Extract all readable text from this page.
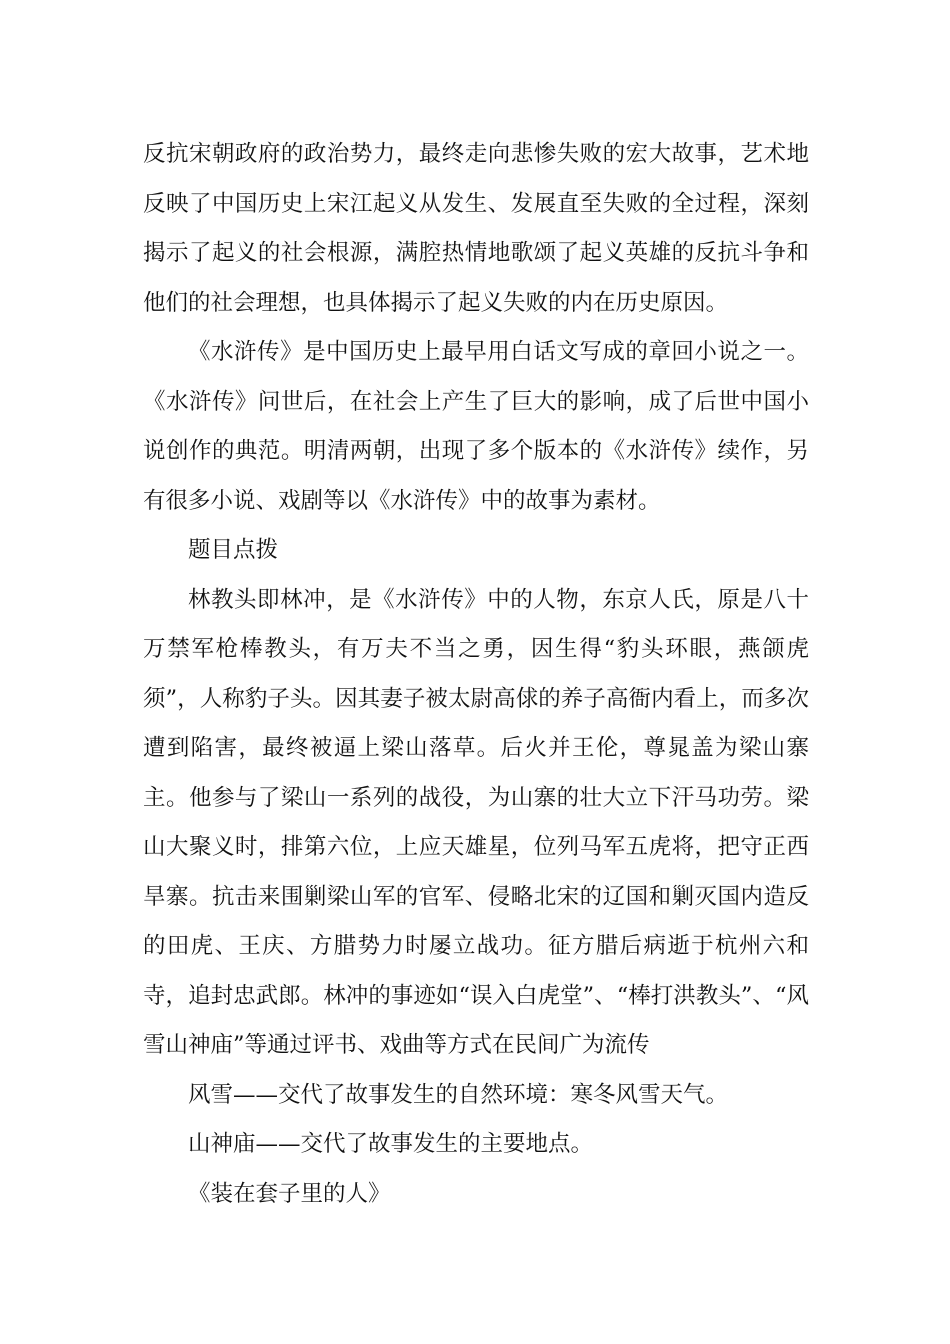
反抗宋朝政府的政治势力，最终走向悲惨失败的宏大故事，艺术地反映了中国历史上宋江起义从发生、发展直至失败的全过程，深刻揭示了起义的社会根源，满腔热情地歌颂了起义英雄的反抗斗争和他们的社会理想，也具体揭示了起义失败的内在历史原因。

《水浒传》是中国历史上最早用白话文写成的章回小说之一。《水浒传》问世后，在社会上产生了巨大的影响，成了后世中国小说创作的典范。明清两朝，出现了多个版本的《水浒传》续作，另有很多小说、戏剧等以《水浒传》中的故事为素材。

题目点拨

林教头即林冲，是《水浒传》中的人物，东京人氏，原是八十万禁军枪棒教头，有万夫不当之勇，因生得“豹头环眼，燕颌虎须”，人称豹子头。因其妻子被太尉高俅的养子高衙内看上，而多次遭到陷害，最终被逼上梁山落草。后火并王伦，尊晁盖为梁山寨主。他参与了梁山一系列的战役，为山寨的壮大立下汗马功劳。梁山大聚义时，排第六位，上应天雄星，位列马军五虎将，把守正西旱寨。抗击来围剿梁山军的官军、侵略北宋的辽国和剿灭国内造反的田虎、王庆、方腊势力时屡立战功。征方腊后病逝于杭州六和寺，追封忠武郎。林冲的事迹如“误入白虎堂”、“棒打洪教头”、“风雪山神庙”等通过评书、戏曲等方式在民间广为流传

风雪——交代了故事发生的自然环境：寒冬风雪天气。

山神庙——交代了故事发生的主要地点。

《装在套子里的人》
